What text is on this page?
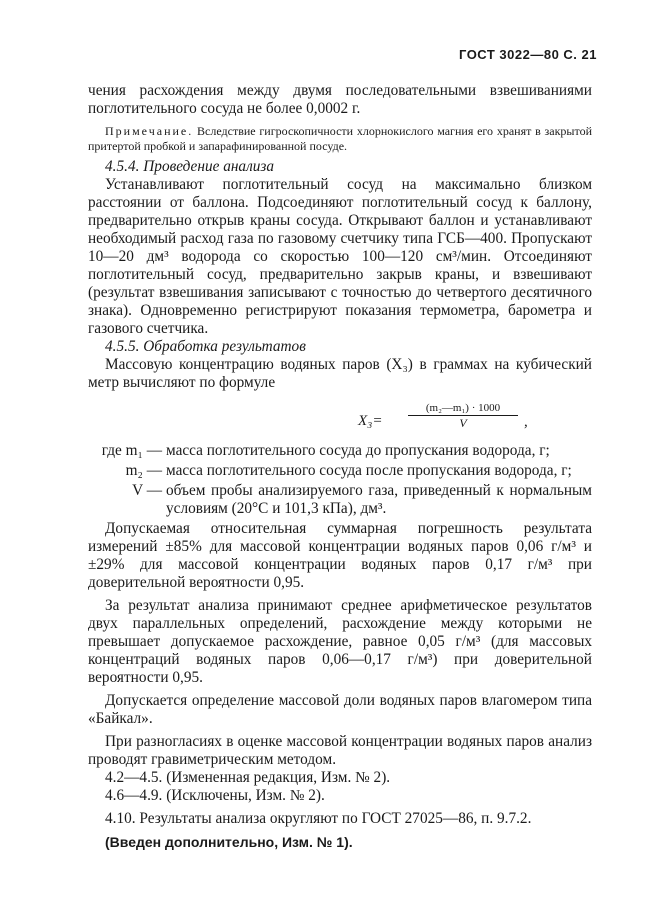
ГОСТ 3022—80 С. 21

чения расхождения между двумя последовательными взвешиваниями поглотительного сосуда не более 0,0002 г.

Примечание. Вследствие гигроскопичности хлорнокислого магния его хранят в закрытой притертой пробкой и запарафинированной посуде.

4.5.4. Проведение анализа

Устанавливают поглотительный сосуд на максимально близком расстоянии от баллона. Подсоединяют поглотительный сосуд к баллону, предварительно открыв краны сосуда. Открывают баллон и устанавливают необходимый расход газа по газовому счетчику типа ГСБ—400. Пропускают 10—20 дм³ водорода со скоростью 100—120 см³/мин. Отсоединяют поглотительный сосуд, предварительно закрыв краны, и взвешивают (результат взвешивания записывают с точностью до четвертого десятичного знака). Одновременно регистрируют показания термометра, барометра и газового счетчика.

4.5.5. Обработка результатов

Массовую концентрацию водяных паров (X₃) в граммах на кубический метр вычисляют по формуле

$X_3= \frac{\text{(m₂—m₁) · 1000}}{V}$ ,
где m₁ — масса поглотительного сосуда до пропускания водорода, г;
m₂ — масса поглотительного сосуда после пропускания водорода, г;
V — объем пробы анализируемого газа, приведенный к нормальным условиям (20°С и 101,3 кПа), дм³.

Допускаемая относительная суммарная погрешность результата измерений ±85% для массовой концентрации водяных паров 0,06 г/м³ и ±29% для массовой концентрации водяных паров 0,17 г/м³ при доверительной вероятности 0,95.

За результат анализа принимают среднее арифметическое результатов двух параллельных определений, расхождение между которыми не превышает допускаемое расхождение, равное 0,05 г/м³ (для массовых концентраций водяных паров 0,06—0,17 г/м³) при доверительной вероятности 0,95.

Допускается определение массовой доли водяных паров влагомером типа «Байкал».

При разногласиях в оценке массовой концентрации водяных паров анализ проводят гравиметрическим методом.

4.2—4.5. (Измененная редакция, Изм. № 2).

4.6—4.9. (Исключены, Изм. № 2).

4.10. Результаты анализа округляют по ГОСТ 27025—86, п. 9.7.2.

(Введен дополнительно, Изм. № 1).
